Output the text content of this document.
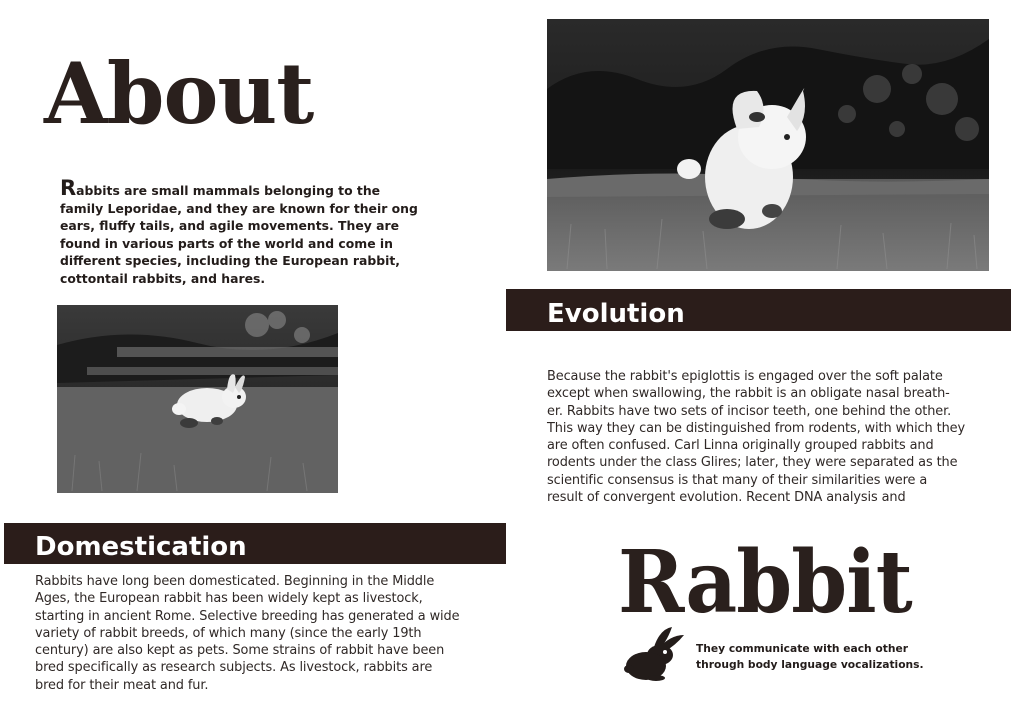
About
Rabbits are small mammals belonging to the family Leporidae, and they are known for their ong ears, fluffy tails, and agile movements. They are found in various parts of the world and come in different species, including the European rabbit, cottontail rabbits, and hares.
Evolution
Because the rabbit's epiglottis is engaged over the soft palate except when swallowing, the rabbit is an obligate nasal breath- er. Rabbits have two sets of incisor teeth, one behind the other. This way they can be distinguished from rodents, with which they are often confused. Carl Linna originally grouped rabbits and rodents under the class Glires; later, they were separated as the scientific consensus is that many of their similarities were a result of convergent evolution. Recent DNA analysis and
Domestication
Rabbits have long been domesticated. Beginning in the Middle Ages, the European rabbit has been widely kept as livestock, starting in ancient Rome. Selective breeding has generated a wide variety of rabbit breeds, of which many (since the early 19th century) are also kept as pets. Some strains of rabbit have been bred specifically as research subjects. As livestock, rabbits are bred for their meat and fur.
Rabbit
They communicate with each other through body language vocalizations.
